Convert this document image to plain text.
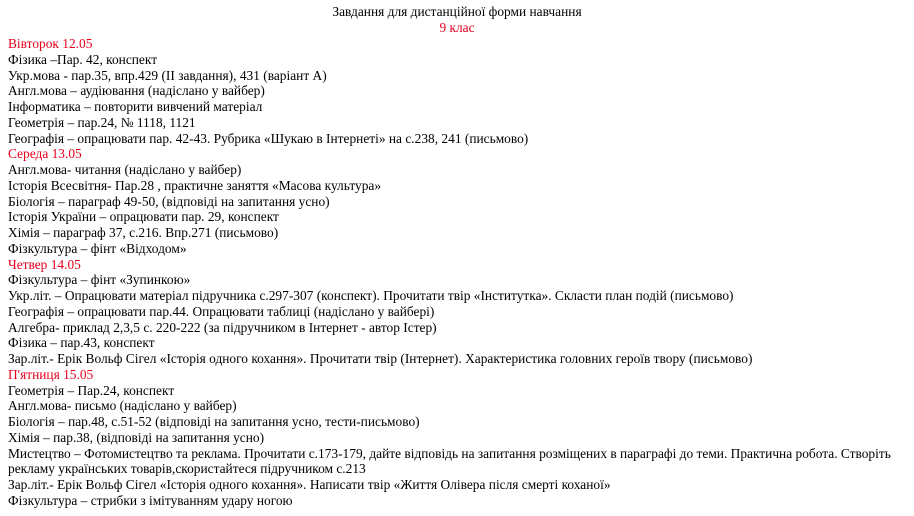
Завдання для дистанційної форми навчання
9 клас
Вівторок 12.05
Фізика –Пар. 42, конспект
Укр.мова - пар.35, впр.429 (ІІ завдання), 431 (варіант А)
Англ.мова – аудіювання (надіслано у вайбер)
Інформатика – повторити вивчений матеріал
Геометрія – пар.24, № 1118, 1121
Географія – опрацювати пар. 42-43. Рубрика «Шукаю в Інтернеті» на с.238, 241 (письмово)
Середа 13.05
Англ.мова- читання (надіслано у вайбер)
Історія Всесвітня- Пар.28 , практичне заняття «Масова культура»
Біологія – параграф 49-50, (відповіді на запитання усно)
Історія України – опрацювати пар. 29, конспект
Хімія – параграф 37, с.216. Впр.271 (письмово)
Фізкультура – фінт «Відходом»
Четвер 14.05
Фізкультура – фінт «Зупинкою»
Укр.літ. – Опрацювати матеріал підручника с.297-307 (конспект). Прочитати твір «Інститутка». Скласти план подій (письмово)
Географія – опрацювати пар.44. Опрацювати таблиці (надіслано у вайбері)
Алгебра- приклад 2,3,5 с. 220-222 (за підручником в Інтернет - автор Істер)
Фізика – пар.43, конспект
Зар.літ.- Ерік Вольф Сігел «Історія одного кохання». Прочитати твір (Інтернет). Характеристика головних героїв твору (письмово)
П'ятниця 15.05
Геометрія – Пар.24, конспект
Англ.мова- письмо (надіслано у вайбер)
Біологія – пар.48, с.51-52 (відповіді на запитання усно, тести-письмово)
Хімія – пар.38, (відповіді на запитання усно)
Мистецтво – Фотомистецтво та реклама. Прочитати с.173-179, дайте відповідь на запитання розміщених в параграфі до теми. Практична робота. Створіть рекламу українських товарів,скористайтеся підручником с.213
Зар.літ.- Ерік Вольф Сігел «Історія одного кохання». Написати твір «Життя Олівера після смерті коханої»
Фізкультура – стрибки з імітуванням удару ногою
